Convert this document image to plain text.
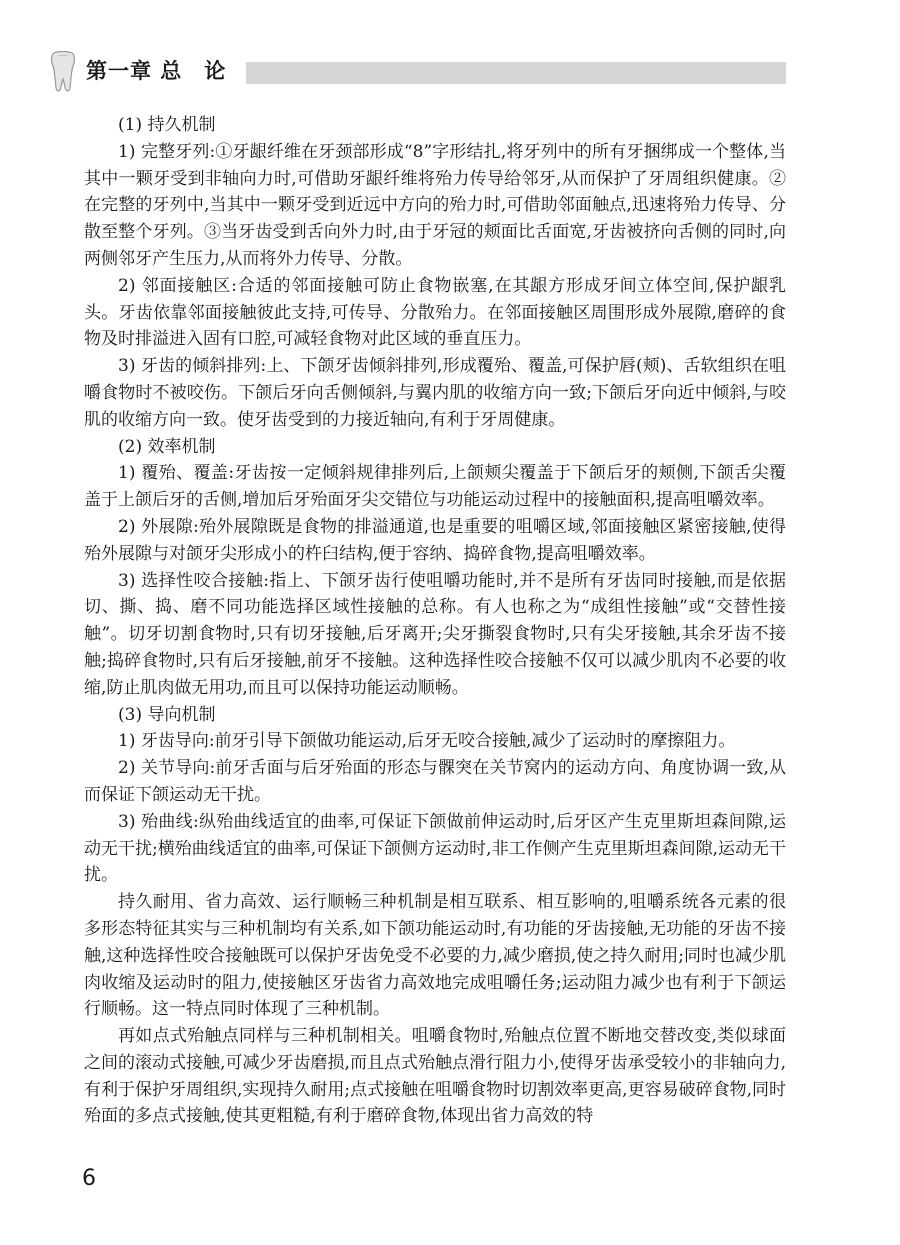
第一章 总　论

(1) 持久机制

1) 完整牙列:①牙龈纤维在牙颈部形成“8”字形结扎,将牙列中的所有牙捆绑成一个整体,当其中一颗牙受到非轴向力时,可借助牙龈纤维将殆力传导给邻牙,从而保护了牙周组织健康。②在完整的牙列中,当其中一颗牙受到近远中方向的殆力时,可借助邻面触点,迅速将殆力传导、分散至整个牙列。③当牙齿受到舌向外力时,由于牙冠的颊面比舌面宽,牙齿被挤向舌侧的同时,向两侧邻牙产生压力,从而将外力传导、分散。

2) 邻面接触区:合适的邻面接触可防止食物嵌塞,在其龈方形成牙间立体空间,保护龈乳头。牙齿依靠邻面接触彼此支持,可传导、分散殆力。在邻面接触区周围形成外展隙,磨碎的食物及时排溢进入固有口腔,可减轻食物对此区域的垂直压力。

3) 牙齿的倾斜排列:上、下颌牙齿倾斜排列,形成覆殆、覆盖,可保护唇(颊)、舌软组织在咀嚼食物时不被咬伤。下颌后牙向舌侧倾斜,与翼内肌的收缩方向一致;下颌后牙向近中倾斜,与咬肌的收缩方向一致。使牙齿受到的力接近轴向,有利于牙周健康。

(2) 效率机制

1) 覆殆、覆盖:牙齿按一定倾斜规律排列后,上颌颊尖覆盖于下颌后牙的颊侧,下颌舌尖覆盖于上颌后牙的舌侧,增加后牙殆面牙尖交错位与功能运动过程中的接触面积,提高咀嚼效率。

2) 外展隙:殆外展隙既是食物的排溢通道,也是重要的咀嚼区域,邻面接触区紧密接触,使得殆外展隙与对颌牙尖形成小的杵臼结构,便于容纳、捣碎食物,提高咀嚼效率。

3) 选择性咬合接触:指上、下颌牙齿行使咀嚼功能时,并不是所有牙齿同时接触,而是依据切、撕、捣、磨不同功能选择区域性接触的总称。有人也称之为“成组性接触”或“交替性接触”。切牙切割食物时,只有切牙接触,后牙离开;尖牙撕裂食物时,只有尖牙接触,其余牙齿不接触;捣碎食物时,只有后牙接触,前牙不接触。这种选择性咬合接触不仅可以减少肌肉不必要的收缩,防止肌肉做无用功,而且可以保持功能运动顺畅。

(3) 导向机制

1) 牙齿导向:前牙引导下颌做功能运动,后牙无咬合接触,减少了运动时的摩擦阻力。

2) 关节导向:前牙舌面与后牙殆面的形态与髁突在关节窝内的运动方向、角度协调一致,从而保证下颌运动无干扰。

3) 殆曲线:纵殆曲线适宜的曲率,可保证下颌做前伸运动时,后牙区产生克里斯坦森间隙,运动无干扰;横殆曲线适宜的曲率,可保证下颌侧方运动时,非工作侧产生克里斯坦森间隙,运动无干扰。

持久耐用、省力高效、运行顺畅三种机制是相互联系、相互影响的,咀嚼系统各元素的很多形态特征其实与三种机制均有关系,如下颌功能运动时,有功能的牙齿接触,无功能的牙齿不接触,这种选择性咬合接触既可以保护牙齿免受不必要的力,减少磨损,使之持久耐用;同时也减少肌肉收缩及运动时的阻力,使接触区牙齿省力高效地完成咀嚼任务;运动阻力减少也有利于下颌运行顺畅。这一特点同时体现了三种机制。

再如点式殆触点同样与三种机制相关。咀嚼食物时,殆触点位置不断地交替改变,类似球面之间的滚动式接触,可减少牙齿磨损,而且点式殆触点滑行阻力小,使得牙齿承受较小的非轴向力,有利于保护牙周组织,实现持久耐用;点式接触在咀嚼食物时切割效率更高,更容易破碎食物,同时殆面的多点式接触,使其更粗糙,有利于磨碎食物,体现出省力高效的特

6
